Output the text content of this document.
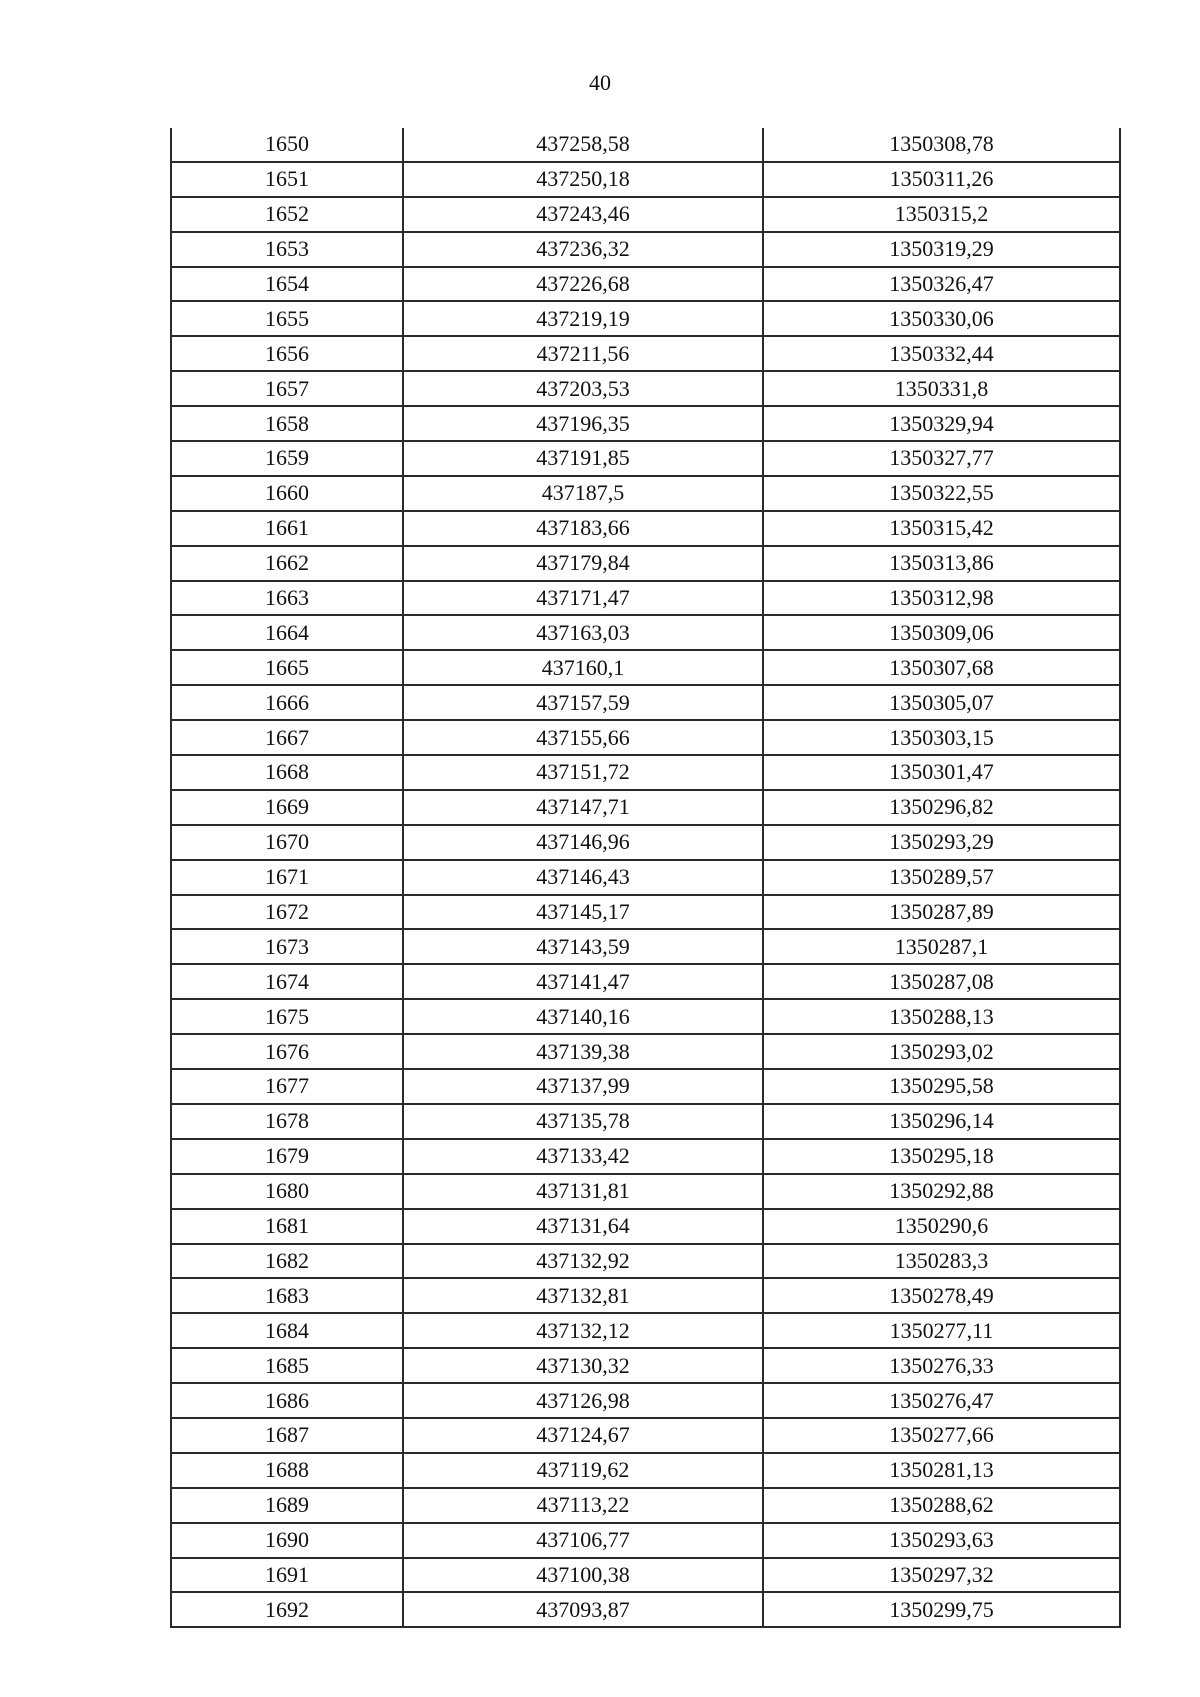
40
1650	437258,58	1350308,78
1651	437250,18	1350311,26
1652	437243,46	1350315,2
1653	437236,32	1350319,29
1654	437226,68	1350326,47
1655	437219,19	1350330,06
1656	437211,56	1350332,44
1657	437203,53	1350331,8
1658	437196,35	1350329,94
1659	437191,85	1350327,77
1660	437187,5	1350322,55
1661	437183,66	1350315,42
1662	437179,84	1350313,86
1663	437171,47	1350312,98
1664	437163,03	1350309,06
1665	437160,1	1350307,68
1666	437157,59	1350305,07
1667	437155,66	1350303,15
1668	437151,72	1350301,47
1669	437147,71	1350296,82
1670	437146,96	1350293,29
1671	437146,43	1350289,57
1672	437145,17	1350287,89
1673	437143,59	1350287,1
1674	437141,47	1350287,08
1675	437140,16	1350288,13
1676	437139,38	1350293,02
1677	437137,99	1350295,58
1678	437135,78	1350296,14
1679	437133,42	1350295,18
1680	437131,81	1350292,88
1681	437131,64	1350290,6
1682	437132,92	1350283,3
1683	437132,81	1350278,49
1684	437132,12	1350277,11
1685	437130,32	1350276,33
1686	437126,98	1350276,47
1687	437124,67	1350277,66
1688	437119,62	1350281,13
1689	437113,22	1350288,62
1690	437106,77	1350293,63
1691	437100,38	1350297,32
1692	437093,87	1350299,75
